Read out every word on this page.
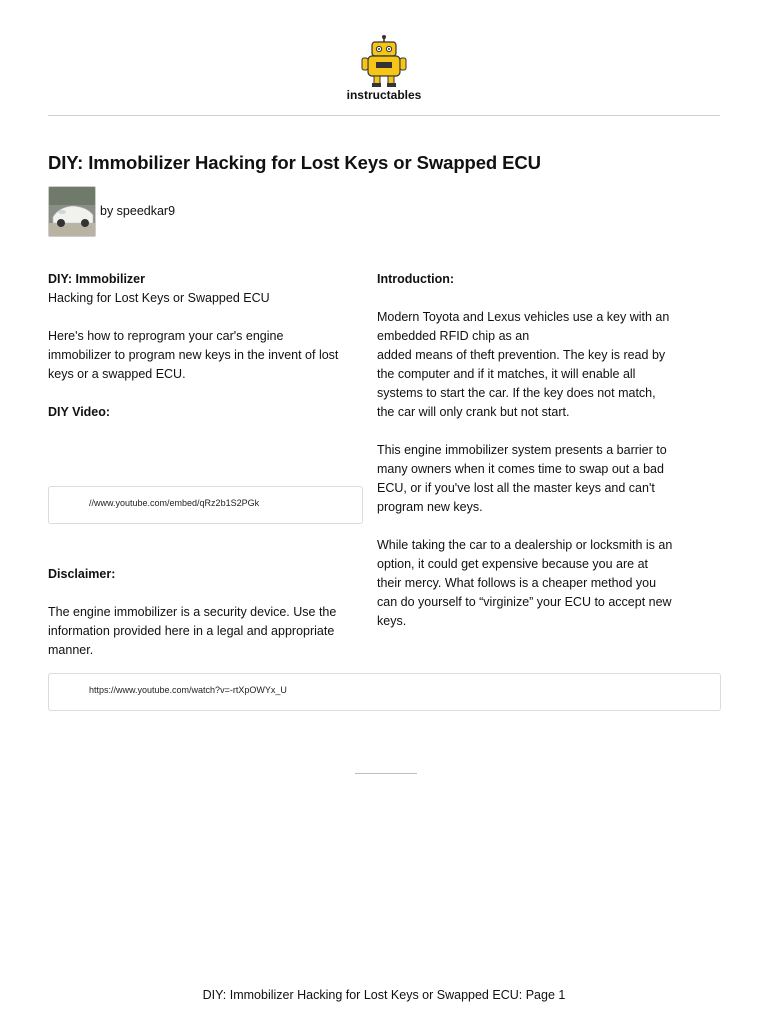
instructables
DIY: Immobilizer Hacking for Lost Keys or Swapped ECU
by speedkar9

DIY: Immobilizer

Hacking for Lost Keys or Swapped ECU

Here's how to reprogram your car's engine

immobilizer to program new keys in the invent of lost

keys or a swapped ECU.

DIY Video:

//www.youtube.com/embed/qRz2b1S2PGk

Disclaimer:

The engine immobilizer is a security device. Use the

information provided here in a legal and appropriate

manner.

Introduction:

Modern Toyota and Lexus vehicles use a key with an

embedded RFID chip as an

added means of theft prevention. The key is read by

the computer and if it matches, it will enable all

systems to start the car. If the key does not match,

the car will only crank but not start.

This engine immobilizer system presents a barrier to

many owners when it comes time to swap out a bad

ECU, or if you've lost all the master keys and can't

program new keys.

While taking the car to a dealership or locksmith is an

option, it could get expensive because you are at

their mercy. What follows is a cheaper method you

can do yourself to “virginize” your ECU to accept new

keys.

https://www.youtube.com/watch?v=-rtXpOWYx_U
DIY: Immobilizer Hacking for Lost Keys or Swapped ECU: Page 1
